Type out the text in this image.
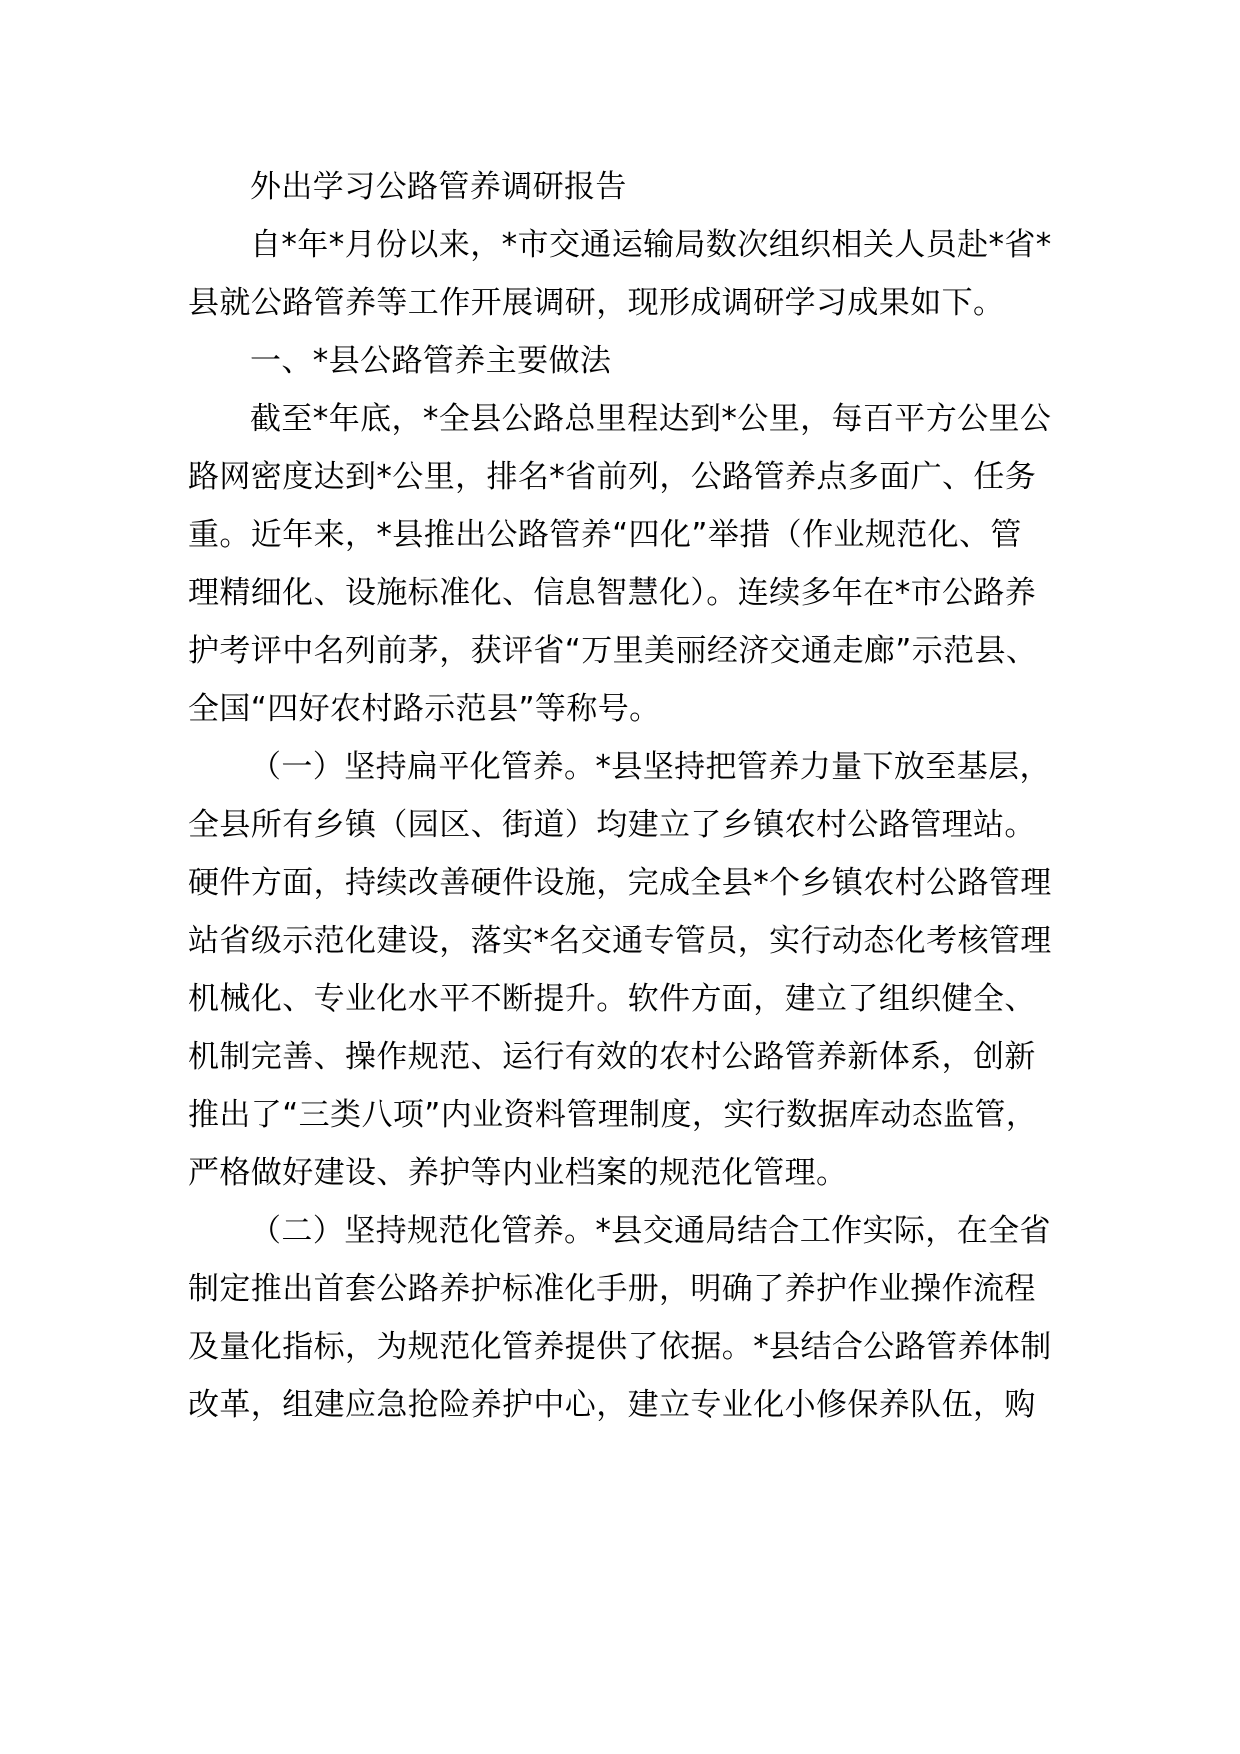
外出学习公路管养调研报告
自*年*月份以来，*市交通运输局数次组织相关人员赴*省*
县就公路管养等工作开展调研，现形成调研学习成果如下。
一、*县公路管养主要做法
截至*年底，*全县公路总里程达到*公里，每百平方公里公
路网密度达到*公里，排名*省前列，公路管养点多面广、任务
重。近年来，*县推出公路管养“四化”举措（作业规范化、管
理精细化、设施标准化、信息智慧化）。连续多年在*市公路养
护考评中名列前茅，获评省“万里美丽经济交通走廊”示范县、
全国“四好农村路示范县”等称号。
（一）坚持扁平化管养。*县坚持把管养力量下放至基层，
全县所有乡镇（园区、街道）均建立了乡镇农村公路管理站。
硬件方面，持续改善硬件设施，完成全县*个乡镇农村公路管理
站省级示范化建设，落实*名交通专管员，实行动态化考核管理
机械化、专业化水平不断提升。软件方面，建立了组织健全、
机制完善、操作规范、运行有效的农村公路管养新体系，创新
推出了“三类八项”内业资料管理制度，实行数据库动态监管，
严格做好建设、养护等内业档案的规范化管理。
（二）坚持规范化管养。*县交通局结合工作实际，在全省
制定推出首套公路养护标准化手册，明确了养护作业操作流程
及量化指标，为规范化管养提供了依据。*县结合公路管养体制
改革，组建应急抢险养护中心，建立专业化小修保养队伍，购
